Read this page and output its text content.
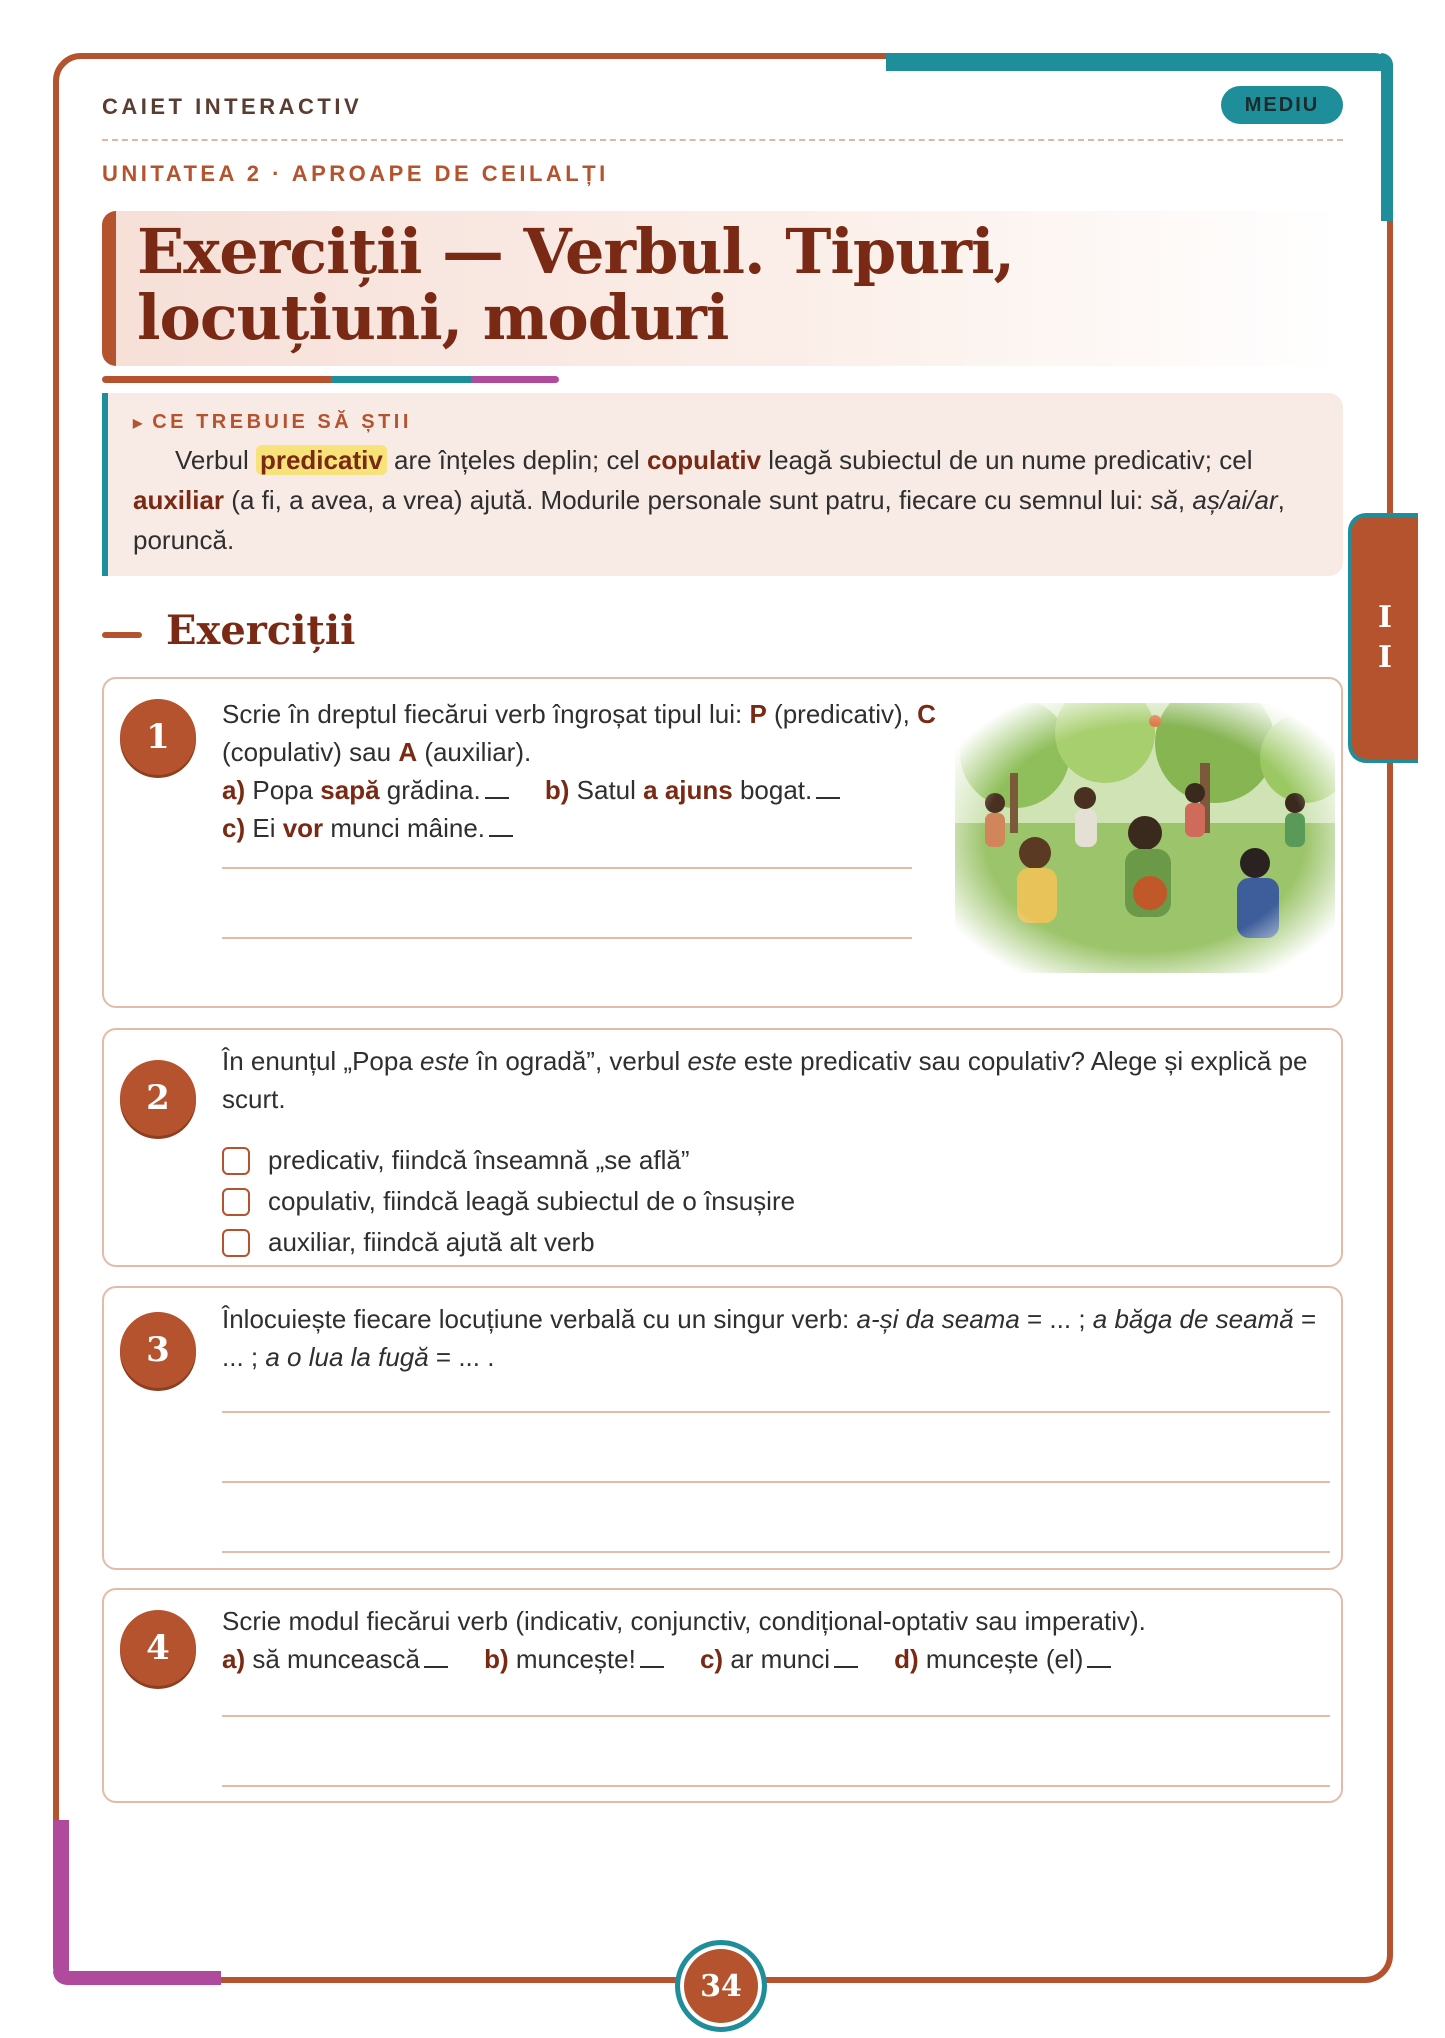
CAIET INTERACTIV	MEDIU
UNITATEA 2 · APROAPE DE CEILALȚI
Exerciții — Verbul. Tipuri, locuțiuni, moduri
▶ CE TREBUIE SĂ ȘTII
Verbul predicativ are înțeles deplin; cel copulativ leagă subiectul de un nume predicativ; cel auxiliar (a fi, a avea, a vrea) ajută. Modurile personale sunt patru, fiecare cu semnul lui: să, aș/ai/ar, poruncă.
I
I
Exerciții
1
Scrie în dreptul fiecărui verb îngroșat tipul lui: P (predicativ), C (copulativ) sau A (auxiliar).
a) Popa sapă grădina. b) Satul a ajuns bogat.
c) Ei vor munci mâine.
2
În enunțul „Popa este în ogradă”, verbul este este predicativ sau copulativ? Alege și explică pe scurt.
predicativ, fiindcă înseamnă „se află”
copulativ, fiindcă leagă subiectul de o însușire
auxiliar, fiindcă ajută alt verb
3
Înlocuiește fiecare locuțiune verbală cu un singur verb: a-și da seama = ... ; a băga de seamă = ... ; a o lua la fugă = ... .
4
Scrie modul fiecărui verb (indicativ, conjunctiv, condițional-optativ sau imperativ).
a) să muncească b) muncește! c) ar munci d) muncește (el)
34
